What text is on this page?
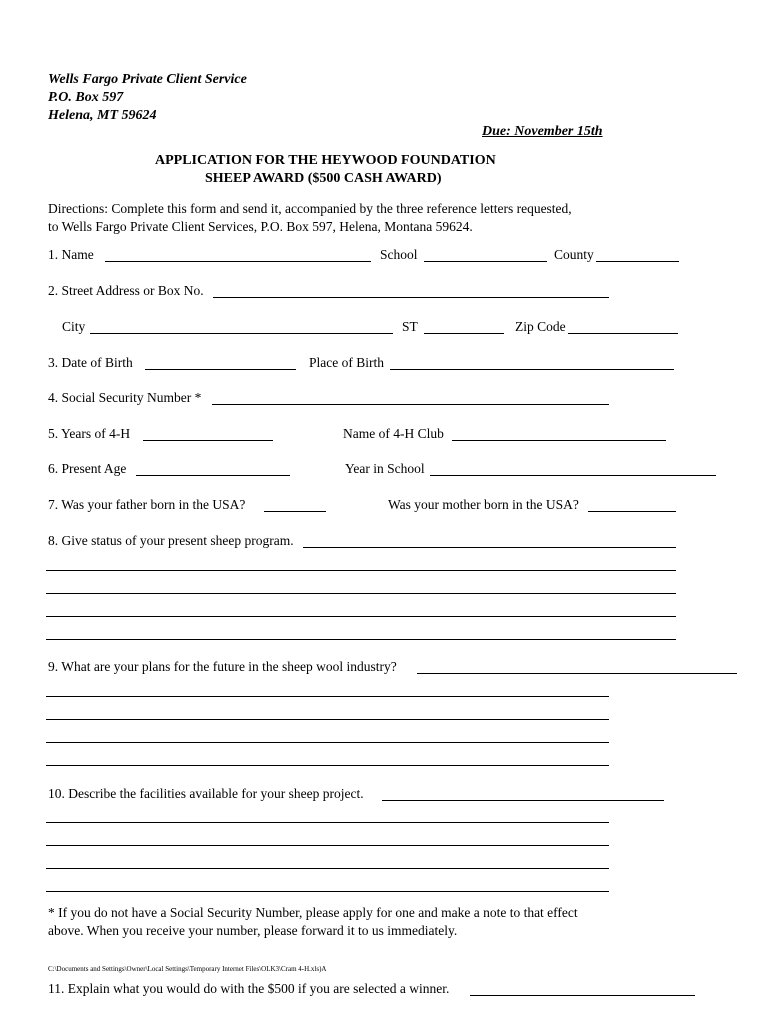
Wells Fargo Private Client Service
P.O. Box 597
Helena, MT 59624
Due: November 15th
APPLICATION FOR THE HEYWOOD FOUNDATION
SHEEP AWARD ($500 CASH AWARD)
Directions: Complete this form and send it, accompanied by the three reference letters requested,
to Wells Fargo Private Client Services, P.O. Box 597, Helena, Montana 59624.
1. Name	School	County
2. Street Address or Box No.
City	ST	Zip Code
3. Date of Birth	Place of Birth
4. Social Security Number *
5. Years of 4-H	Name of 4-H Club
6. Present Age	Year in School
7. Was your father born in the USA?	Was your mother born in the USA?
8. Give status of your present sheep program.
9. What are your plans for the future in the sheep wool industry?
10. Describe the facilities available for your sheep project.
* If you do not have a Social Security Number, please apply for one and make a note to that effect
above. When you receive your number, please forward it to us immediately.
C:\Documents and Settings\Owner\Local Settings\Temporary Internet Files\OLK3\Cram 4-H.xls)A
11. Explain what you would do with the $500 if you are selected a winner.
